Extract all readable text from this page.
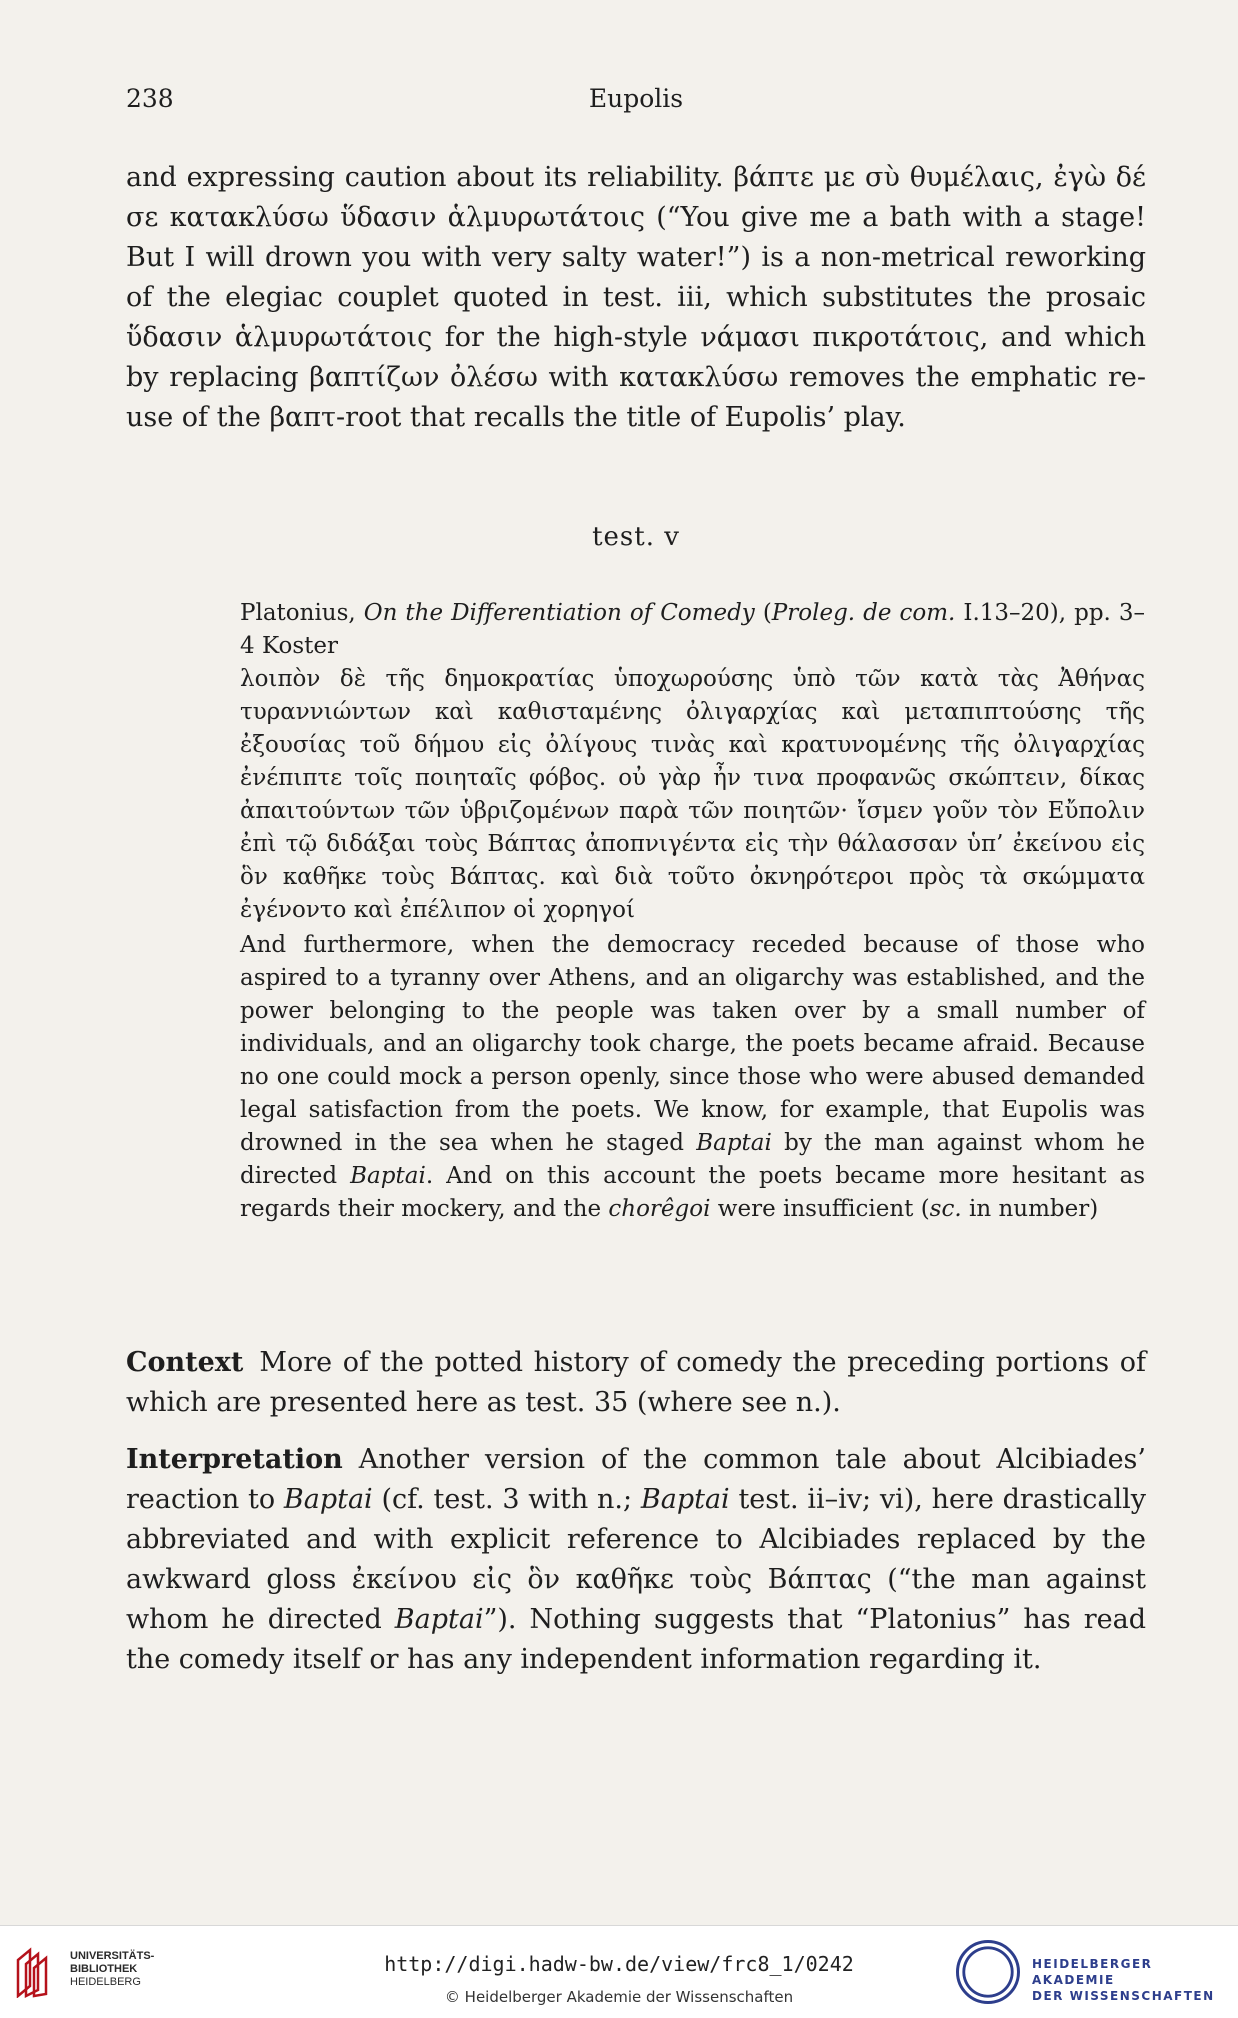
238	Eupolis

and expressing caution about its reliability. βάπτε με σὺ θυμέλαις, ἐγὼ δέ σε κατακλύσω ὕδασιν ἁλμυρωτάτοις (“You give me a bath with a stage! But I will drown you with very salty water!”) is a non-metrical reworking of the elegiac couplet quoted in test. iii, which substitutes the prosaic ὕδασιν ἁλμυρωτάτοις for the high-style νάμασι πικροτάτοις, and which by replacing βαπτίζων ὀλέσω with κατακλύσω removes the emphatic re-use of the βαπτ-root that recalls the title of Eupolis’ play.

test. v

Platonius, On the Differentiation of Comedy (Proleg. de com. I.13–20), pp. 3–4 Koster

λοιπὸν δὲ τῆς δημοκρατίας ὑποχωρούσης ὑπὸ τῶν κατὰ τὰς Ἀθήνας τυραννιώντων καὶ καθισταμένης ὀλιγαρχίας καὶ μεταπιπτούσης τῆς ἐξουσίας τοῦ δήμου εἰς ὀλίγους τινὰς καὶ κρατυνομένης τῆς ὀλιγαρχίας ἐνέπιπτε τοῖς ποιηταῖς φόβος. οὐ γὰρ ἦν τινα προφανῶς σκώπτειν, δίκας ἀπαιτούντων τῶν ὑβριζομένων παρὰ τῶν ποιητῶν· ἴσμεν γοῦν τὸν Εὔπολιν ἐπὶ τῷ διδάξαι τοὺς Βάπτας ἀποπνιγέντα εἰς τὴν θάλασσαν ὑπ’ ἐκείνου εἰς ὃν καθῆκε τοὺς Βάπτας. καὶ διὰ τοῦτο ὀκνηρότεροι πρὸς τὰ σκώμματα ἐγένοντο καὶ ἐπέλιπον οἱ χορηγοί

And furthermore, when the democracy receded because of those who aspired to a tyranny over Athens, and an oligarchy was established, and the power belonging to the people was taken over by a small number of individuals, and an oligarchy took charge, the poets became afraid. Because no one could mock a person openly, since those who were abused demanded legal satisfaction from the poets. We know, for example, that Eupolis was drowned in the sea when he staged Baptai by the man against whom he directed Baptai. And on this account the poets became more hesitant as regards their mockery, and the chorêgoi were insufficient (sc. in number)

Context More of the potted history of comedy the preceding portions of which are presented here as test. 35 (where see n.).

Interpretation Another version of the common tale about Alcibiades’ reaction to Baptai (cf. test. 3 with n.; Baptai test. ii–iv; vi), here drastically abbreviated and with explicit reference to Alcibiades replaced by the awkward gloss ἐκείνου εἰς ὃν καθῆκε τοὺς Βάπτας (“the man against whom he directed Baptai”). Nothing suggests that “Platonius” has read the comedy itself or has any independent information regarding it.

UNIVERSITÄTS-
BIBLIOTHEK
HEIDELBERG
http://digi.hadw-bw.de/view/frc8_1/0242
© Heidelberger Akademie der Wissenschaften
HEIDELBERGER AKADEMIE
DER WISSENSCHAFTEN
